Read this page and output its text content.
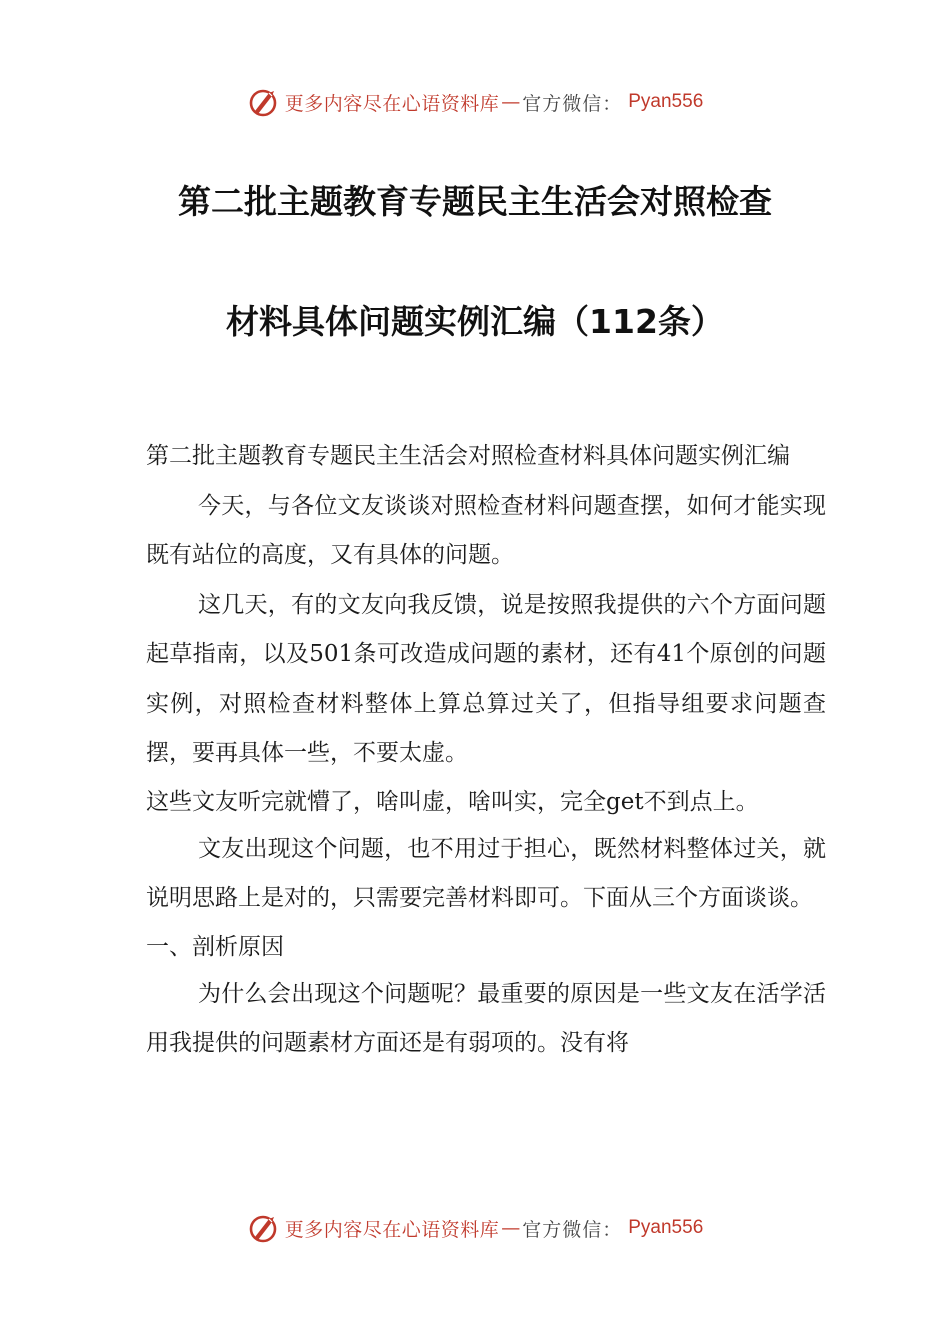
更多内容尽在心语资料库 — 官方微信： Pyan556
第二批主题教育专题民主生活会对照检查
材料具体问题实例汇编（112条）

第二批主题教育专题民主生活会对照检查材料具体问题实例汇编

今天，与各位文友谈谈对照检查材料问题查摆，如何才能实现既有站位的高度，又有具体的问题。

这几天，有的文友向我反馈，说是按照我提供的六个方面问题起草指南，以及501条可改造成问题的素材，还有41个原创的问题实例，对照检查材料整体上算总算过关了，但指导组要求问题查摆，要再具体一些，不要太虚。

这些文友听完就懵了，啥叫虚，啥叫实，完全get不到点上。

文友出现这个问题，也不用过于担心，既然材料整体过关，就说明思路上是对的，只需要完善材料即可。下面从三个方面谈谈。

一、剖析原因

为什么会出现这个问题呢？最重要的原因是一些文友在活学活用我提供的问题素材方面还是有弱项的。没有将

更多内容尽在心语资料库 — 官方微信： Pyan556
